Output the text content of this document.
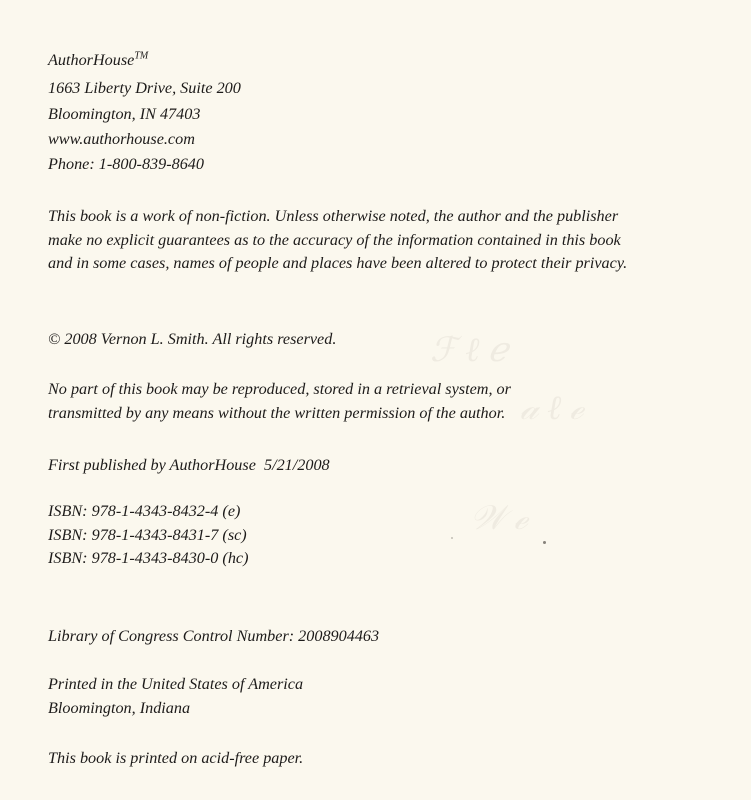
ℱ ℓ ℯ
𝒶 ℓ ℯ
𝒲 ℯ
AuthorHouse™
1663 Liberty Drive, Suite 200
Bloomington, IN 47403
www.authorhouse.com
Phone: 1-800-839-8640
This book is a work of non-fiction. Unless otherwise noted, the author and the publisher
make no explicit guarantees as to the accuracy of the information contained in this book
and in some cases, names of people and places have been altered to protect their privacy.
© 2008 Vernon L. Smith. All rights reserved.
No part of this book may be reproduced, stored in a retrieval system, or
transmitted by any means without the written permission of the author.
First published by AuthorHouse  5/21/2008
ISBN: 978-1-4343-8432-4 (e)
ISBN: 978-1-4343-8431-7 (sc)
ISBN: 978-1-4343-8430-0 (hc)
Library of Congress Control Number: 2008904463
Printed in the United States of America
Bloomington, Indiana
This book is printed on acid-free paper.
